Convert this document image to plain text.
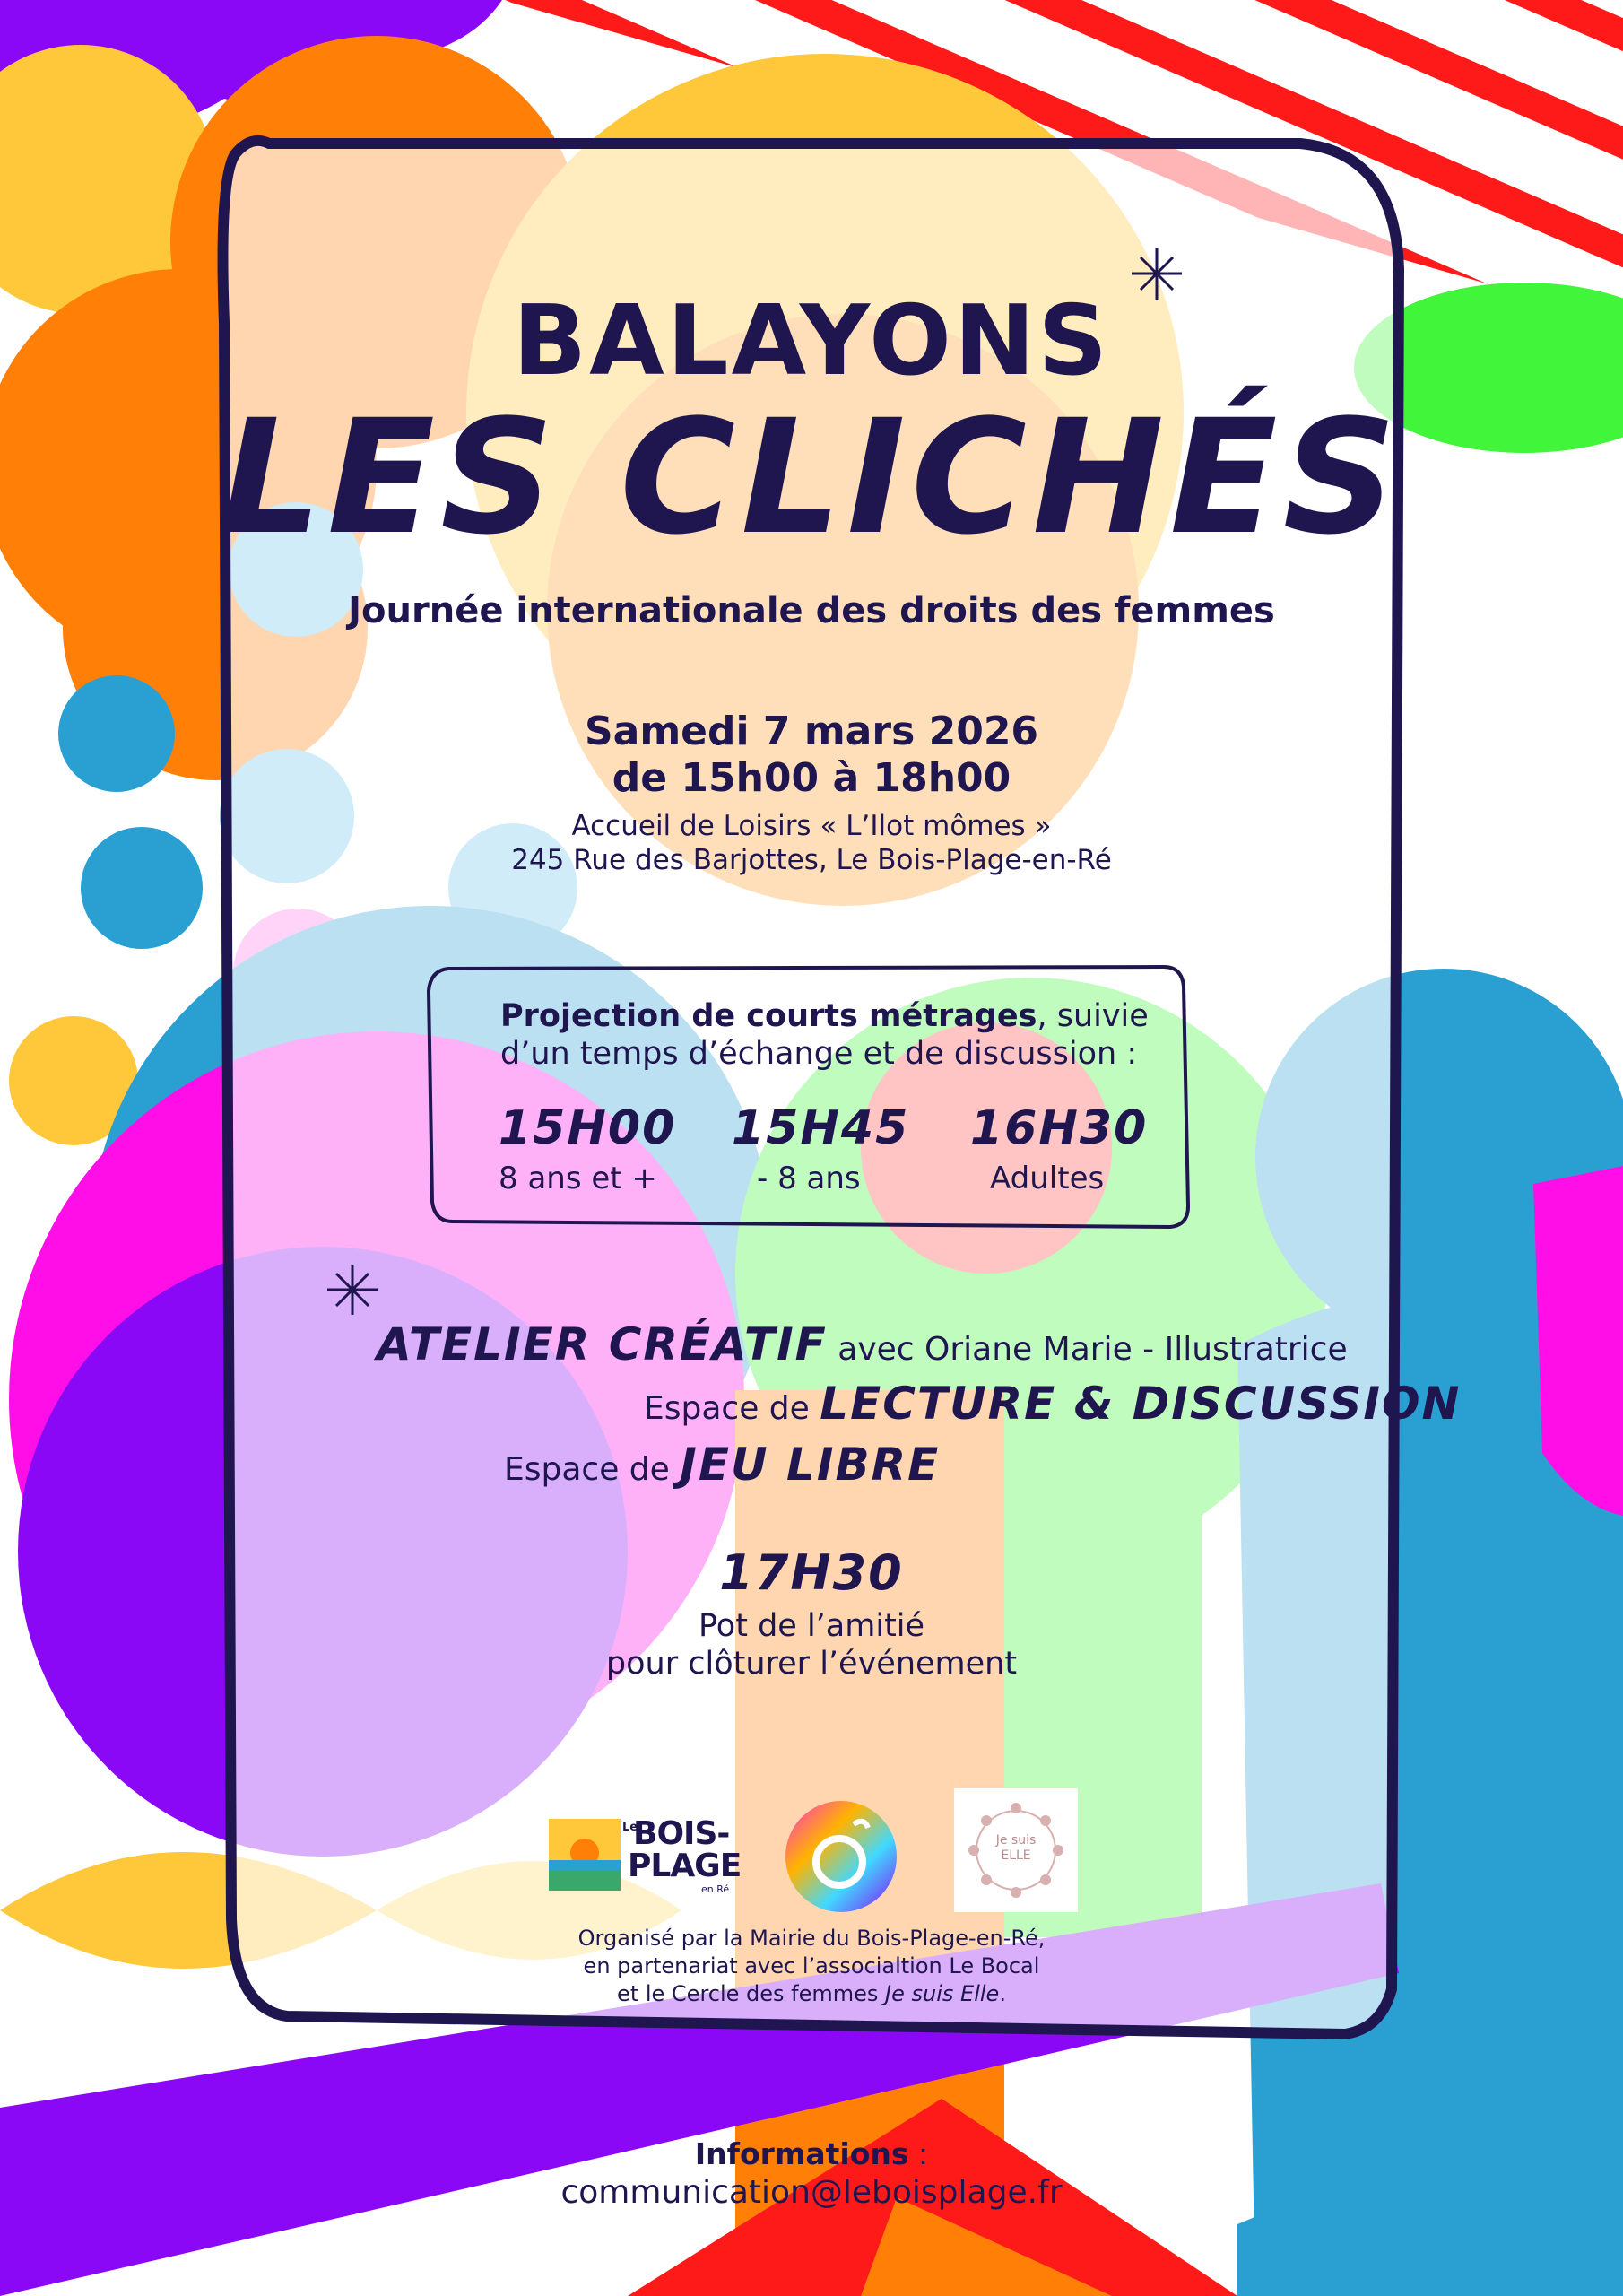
BALAYONS
LES CLICHÉS
Journée internationale des droits des femmes
Samedi 7 mars 2026
de 15h00 à 18h00
Accueil de Loisirs « L’Ilot mômes »
245 Rue des Barjottes, Le Bois-Plage-en-Ré
Projection de courts métrages, suivie
d’un temps d’échange et de discussion :
15H00
8 ans et +
15H45
- 8 ans
16H30
Adultes
ATELIER CRÉATIF avec Oriane Marie - Illustratrice
Espace de LECTURE & DISCUSSION
Espace de JEU LIBRE
17H30
Pot de l’amitié
pour clôturer l’événement
Le
BOIS-
PLAGE
en Ré
Je suis
ELLE
Organisé par la Mairie du Bois-Plage-en-Ré,
en partenariat avec l’associaltion Le Bocal
et le Cercle des femmes Je suis Elle.
Informations :
communication@leboisplage.fr
